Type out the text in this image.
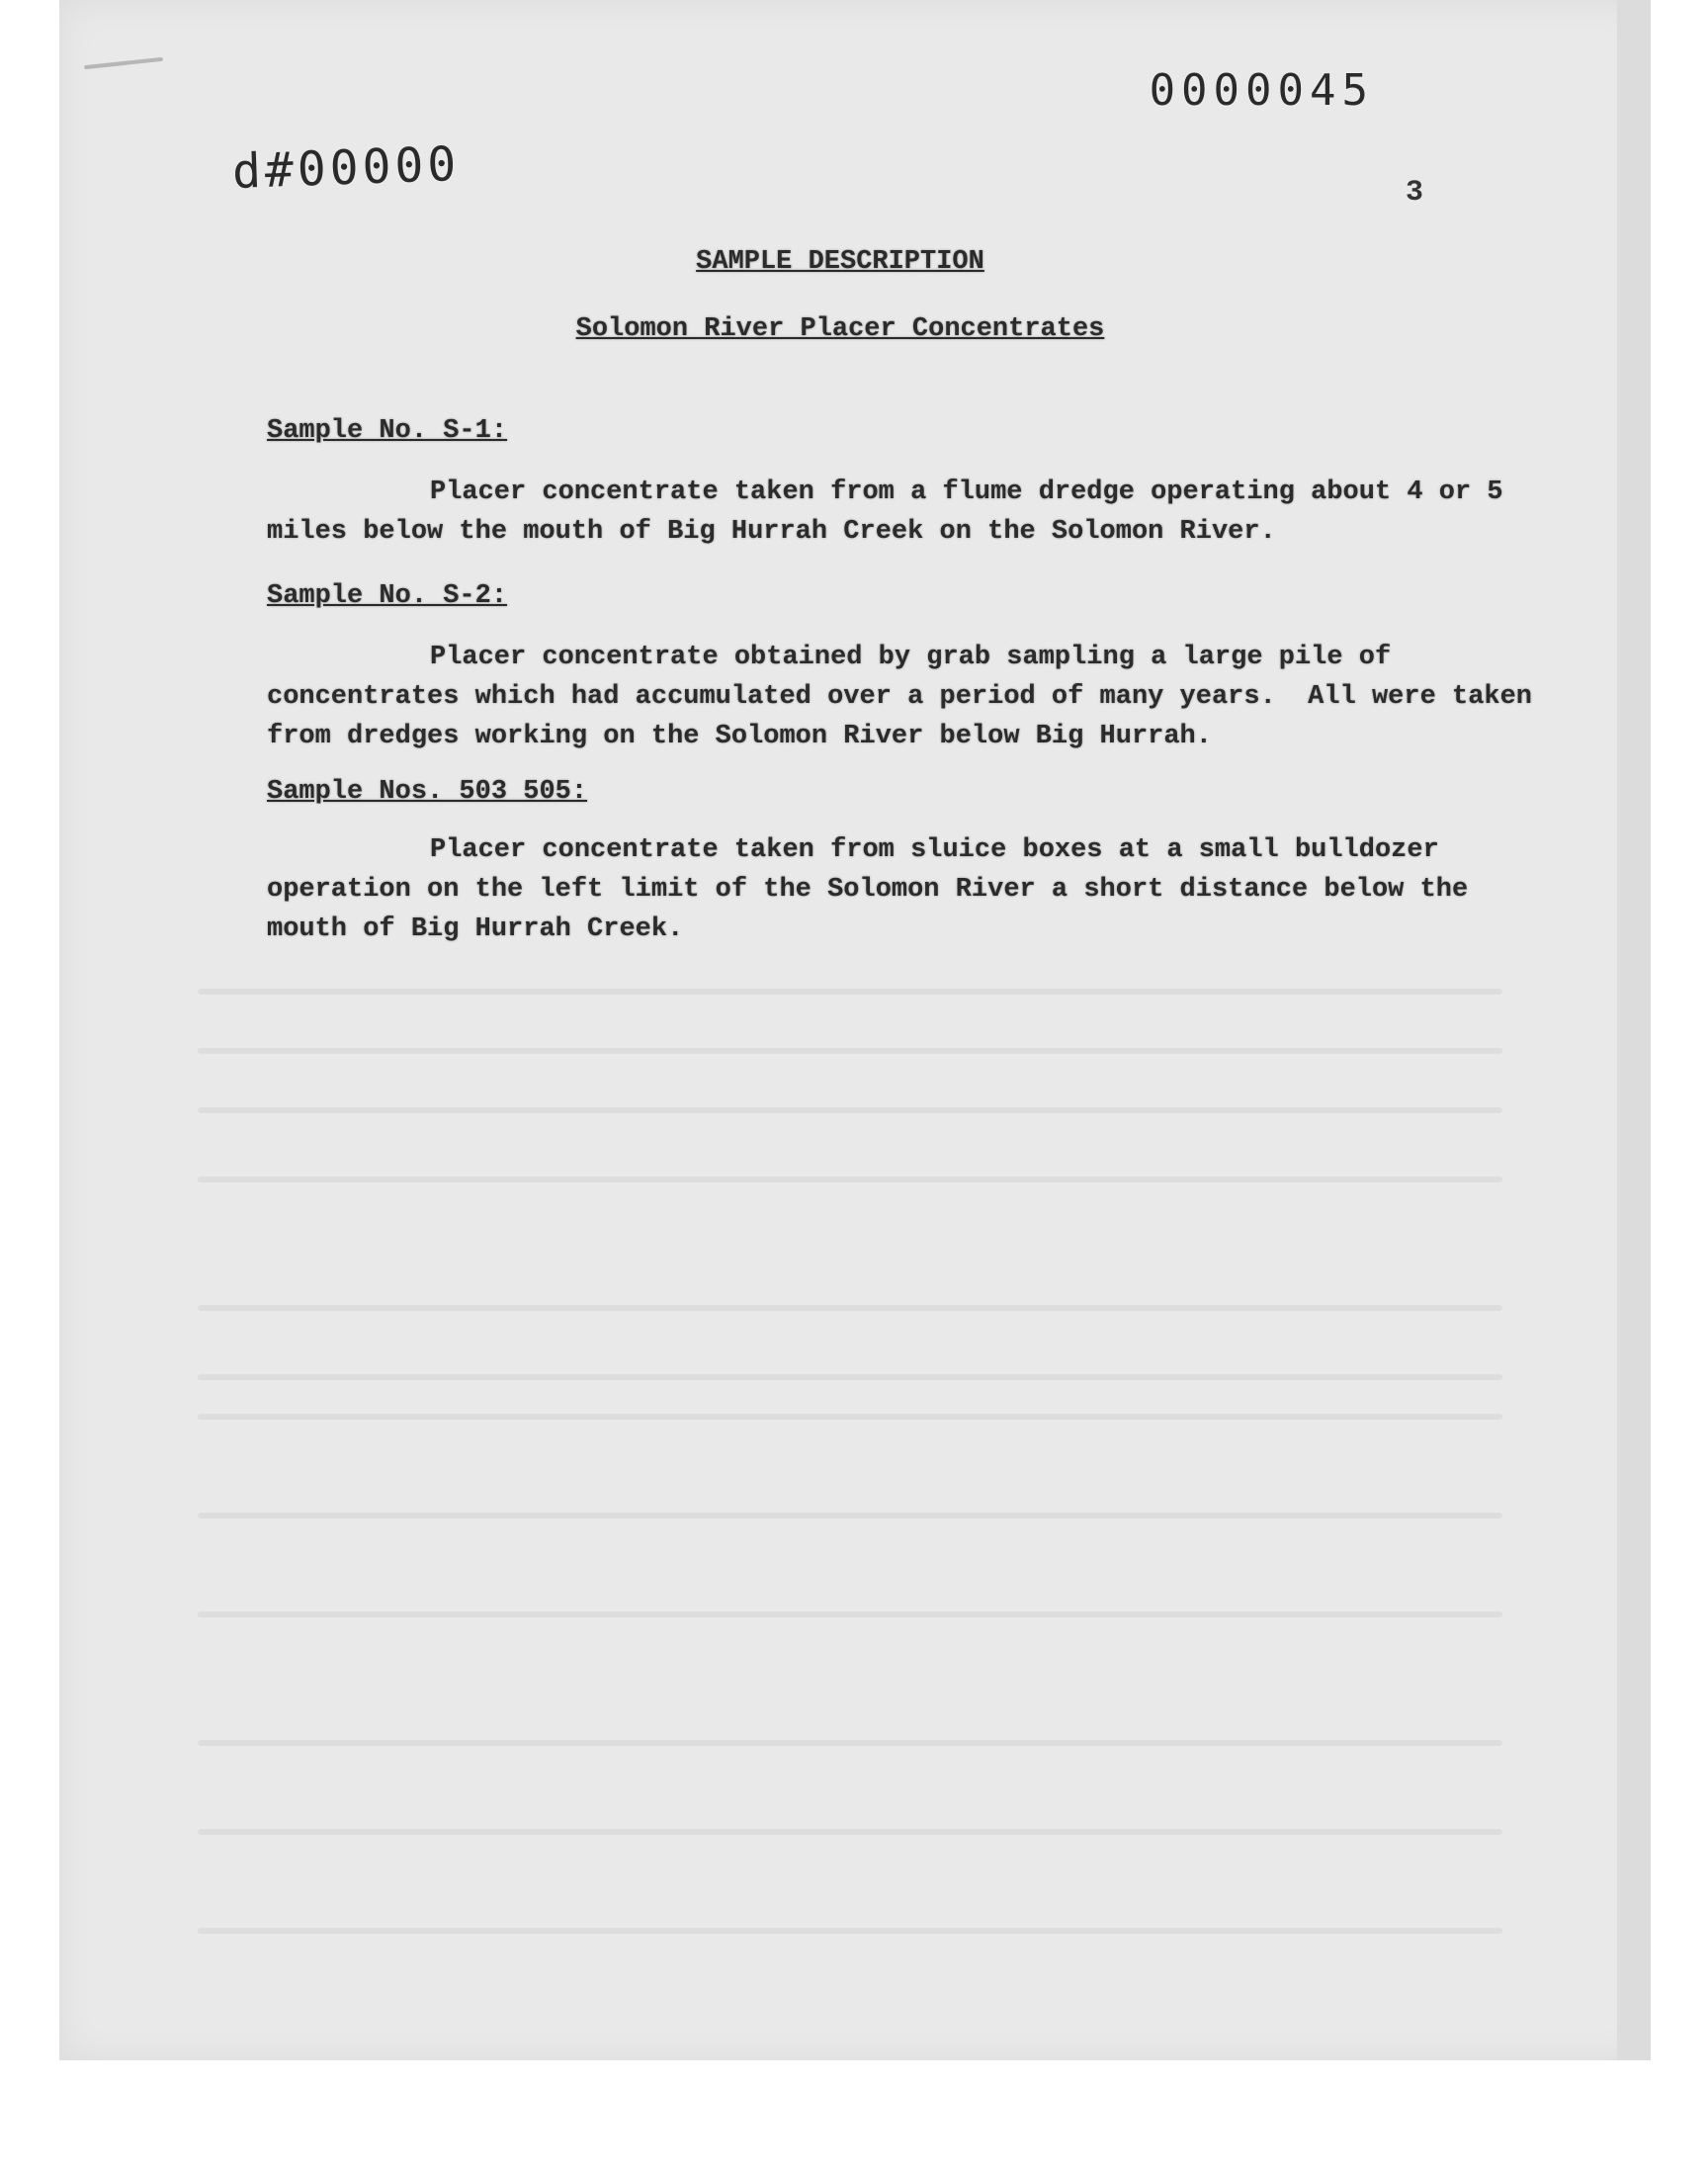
0000045
d#00000	3
SAMPLE DESCRIPTION
Solomon River Placer Concentrates
Sample No. S-1:
Placer concentrate taken from a flume dredge operating about 4 or 5 miles below the mouth of Big Hurrah Creek on the Solomon River.
Sample No. S-2:
Placer concentrate obtained by grab sampling a large pile of concentrates which had accumulated over a period of many years.  All were taken from dredges working on the Solomon River below Big Hurrah.
Sample Nos. 503 505:
Placer concentrate taken from sluice boxes at a small bulldozer operation on the left limit of the Solomon River a short distance below the mouth of Big Hurrah Creek.
